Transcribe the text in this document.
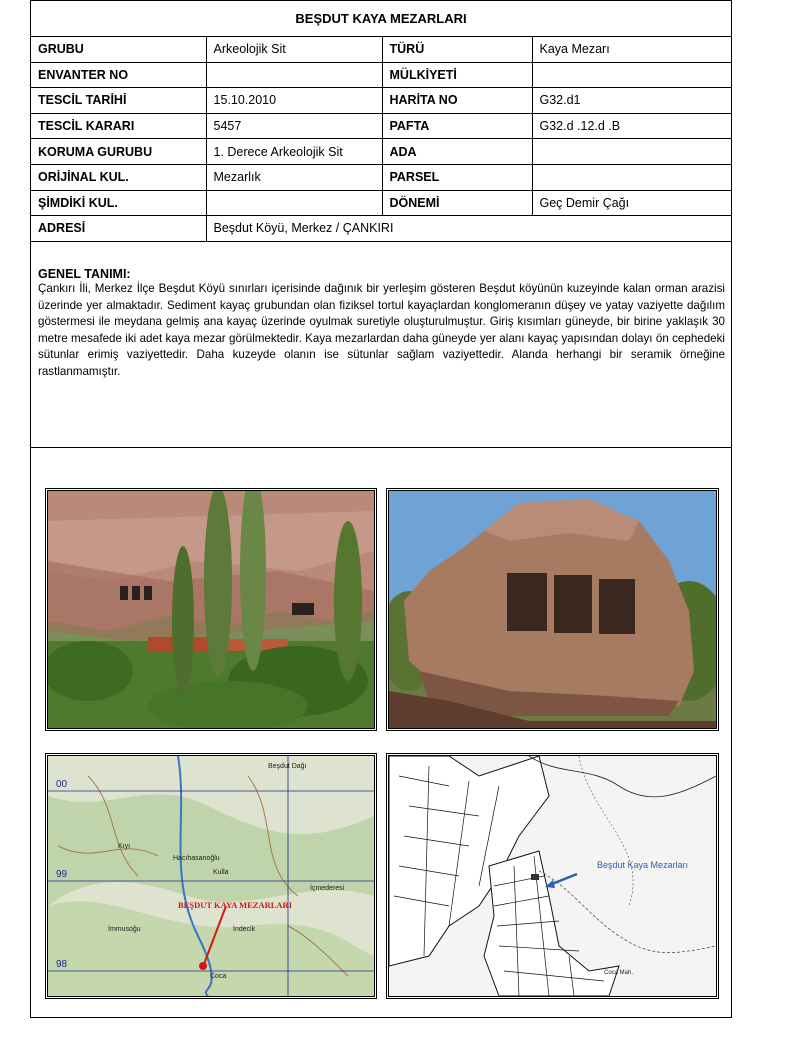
BEŞDUT KAYA MEZARLARI
GRUBU	Arkeolojik Sit	TÜRÜ	Kaya Mezarı
ENVANTER NO		MÜLKİYETİ	
TESCİL TARİHİ	15.10.2010	HARİTA NO	G32.d1
TESCİL KARARI	5457	PAFTA	G32.d .12.d .B
KORUMA GURUBU	1. Derece Arkeolojik Sit	ADA	
ORİJİNAL KUL.	Mezarlık	PARSEL	
ŞİMDİKİ KUL.		DÖNEMİ	Geç Demir Çağı
ADRESİ	Beşdut Köyü, Merkez / ÇANKIRI		
GENEL TANIMI:

Çankırı İli, Merkez İlçe Beşdut Köyü sınırları içerisinde dağınık bir yerleşim gösteren Beşdut köyünün kuzeyinde kalan orman arazisi üzerinde yer almaktadır. Sediment kayaç grubundan olan fiziksel tortul kayaçlardan konglomeranın düşey ve yatay vaziyette dağılım göstermesi ile meydana gelmiş ana kayaç üzerinde oyulmak suretiyle oluşturulmuştur. Giriş kısımları güneyde, bir birine yaklaşık 30 metre mesafede iki adet kaya mezar görülmektedir. Kaya mezarlardan daha güneyde yer alanı kayaç yapısından dolayı ön cephedeki sütunlar erimiş vaziyettedir. Daha kuzeyde olanın ise sütunlar sağlam vaziyettedir. Alanda herhangi bir seramik örneğine rastlanmamıştır.

00
99
98
Kıyı
Hacıhasanoğlu
Kulla
İçmederesi
İmmusoğu	İndecik
Coca
Beşdut Dağı
BEŞDUT KAYA MEZARLARI
Beşdut Kaya Mezarları
Coca Mah.
